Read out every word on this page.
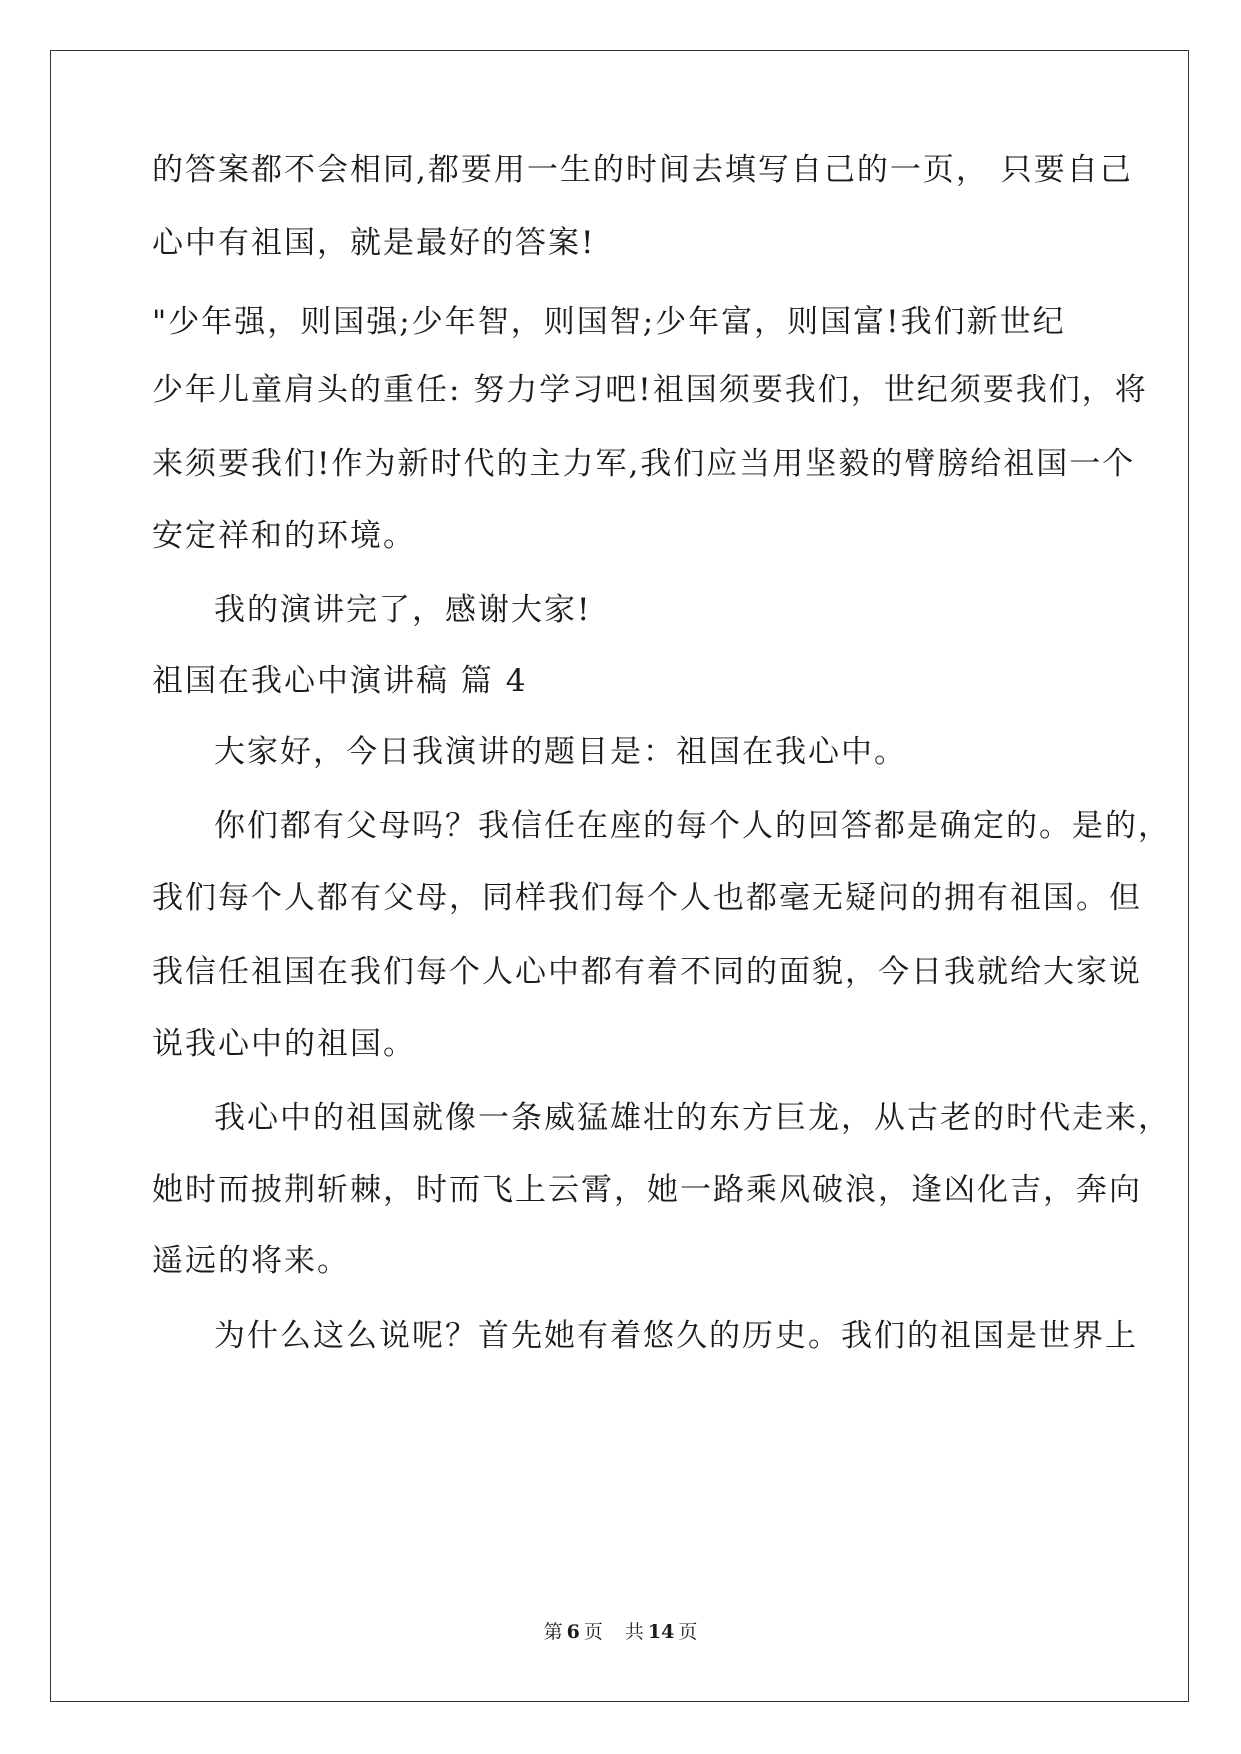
的答案都不会相同,都要用一生的时间去填写自己的一页， 只要自己
心中有祖国，就是最好的答案!
"少年强，则国强;少年智，则国智;少年富，则国富!我们新世纪
少年儿童肩头的重任: 努力学习吧!祖国须要我们，世纪须要我们，将
来须要我们!作为新时代的主力军,我们应当用坚毅的臂膀给祖国一个
安定祥和的环境。
我的演讲完了，感谢大家!
祖国在我心中演讲稿 篇 4
大家好，今日我演讲的题目是：祖国在我心中。
你们都有父母吗？我信任在座的每个人的回答都是确定的。是的，
我们每个人都有父母，同样我们每个人也都毫无疑问的拥有祖国。但
我信任祖国在我们每个人心中都有着不同的面貌，今日我就给大家说
说我心中的祖国。
我心中的祖国就像一条威猛雄壮的东方巨龙，从古老的时代走来，
她时而披荆斩棘，时而飞上云霄，她一路乘风破浪，逢凶化吉，奔向
遥远的将来。
为什么这么说呢？首先她有着悠久的历史。我们的祖国是世界上
第 6 页 共 14 页
